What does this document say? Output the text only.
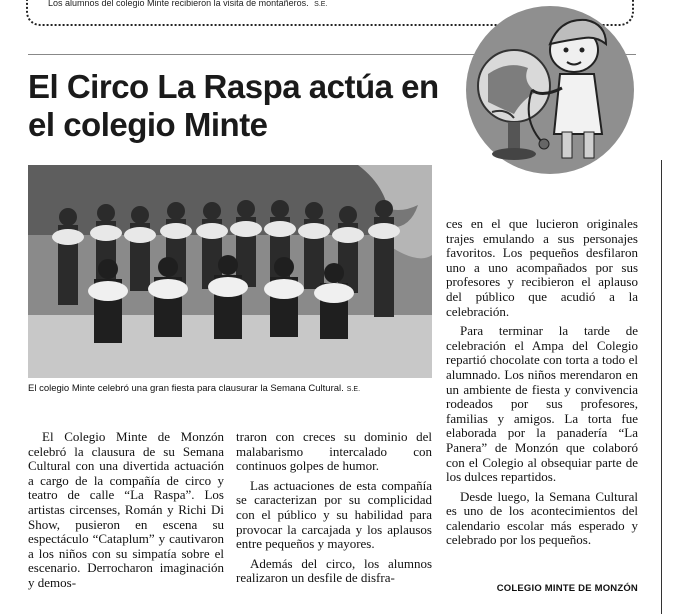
Los alumnos del colegio Minte recibieron la visita de montañeros. S.E.
El Circo La Raspa actúa en el colegio Minte
El colegio Minte celebró una gran fiesta para clausurar la Semana Cultural. S.E.

El Colegio Minte de Monzón celebró la clausura de su Semana Cultural con una divertida actuación a cargo de la compañía de circo y teatro de calle “La Raspa”. Los artistas circenses, Román y Richi Di Show, pusieron en escena su espectáculo “Cataplum” y cautivaron a los niños con su simpatía sobre el escenario. Derrocharon imaginación y demos-

traron con creces su dominio del malabarismo intercalado con continuos golpes de humor.

Las actuaciones de esta compañía se caracterizan por su complicidad con el público y su habilidad para provocar la carcajada y los aplausos entre pequeños y mayores.

Además del circo, los alumnos realizaron un desfile de disfra-

ces en el que lucieron originales trajes emulando a sus personajes favoritos. Los pequeños desfilaron uno a uno acompañados por sus profesores y recibieron el aplauso del público que acudió a la celebración.

Para terminar la tarde de celebración el Ampa del Colegio repartió chocolate con torta a todo el alumnado. Los niños merendaron en un ambiente de fiesta y convivencia rodeados por sus profesores, familias y amigos. La torta fue elaborada por la panadería “La Panera” de Monzón que colaboró con el Colegio al obsequiar parte de los dulces repartidos.

Desde luego, la Semana Cultural es uno de los acontecimientos del calendario escolar más esperado y celebrado por los pequeños.

COLEGIO MINTE DE MONZÓN
